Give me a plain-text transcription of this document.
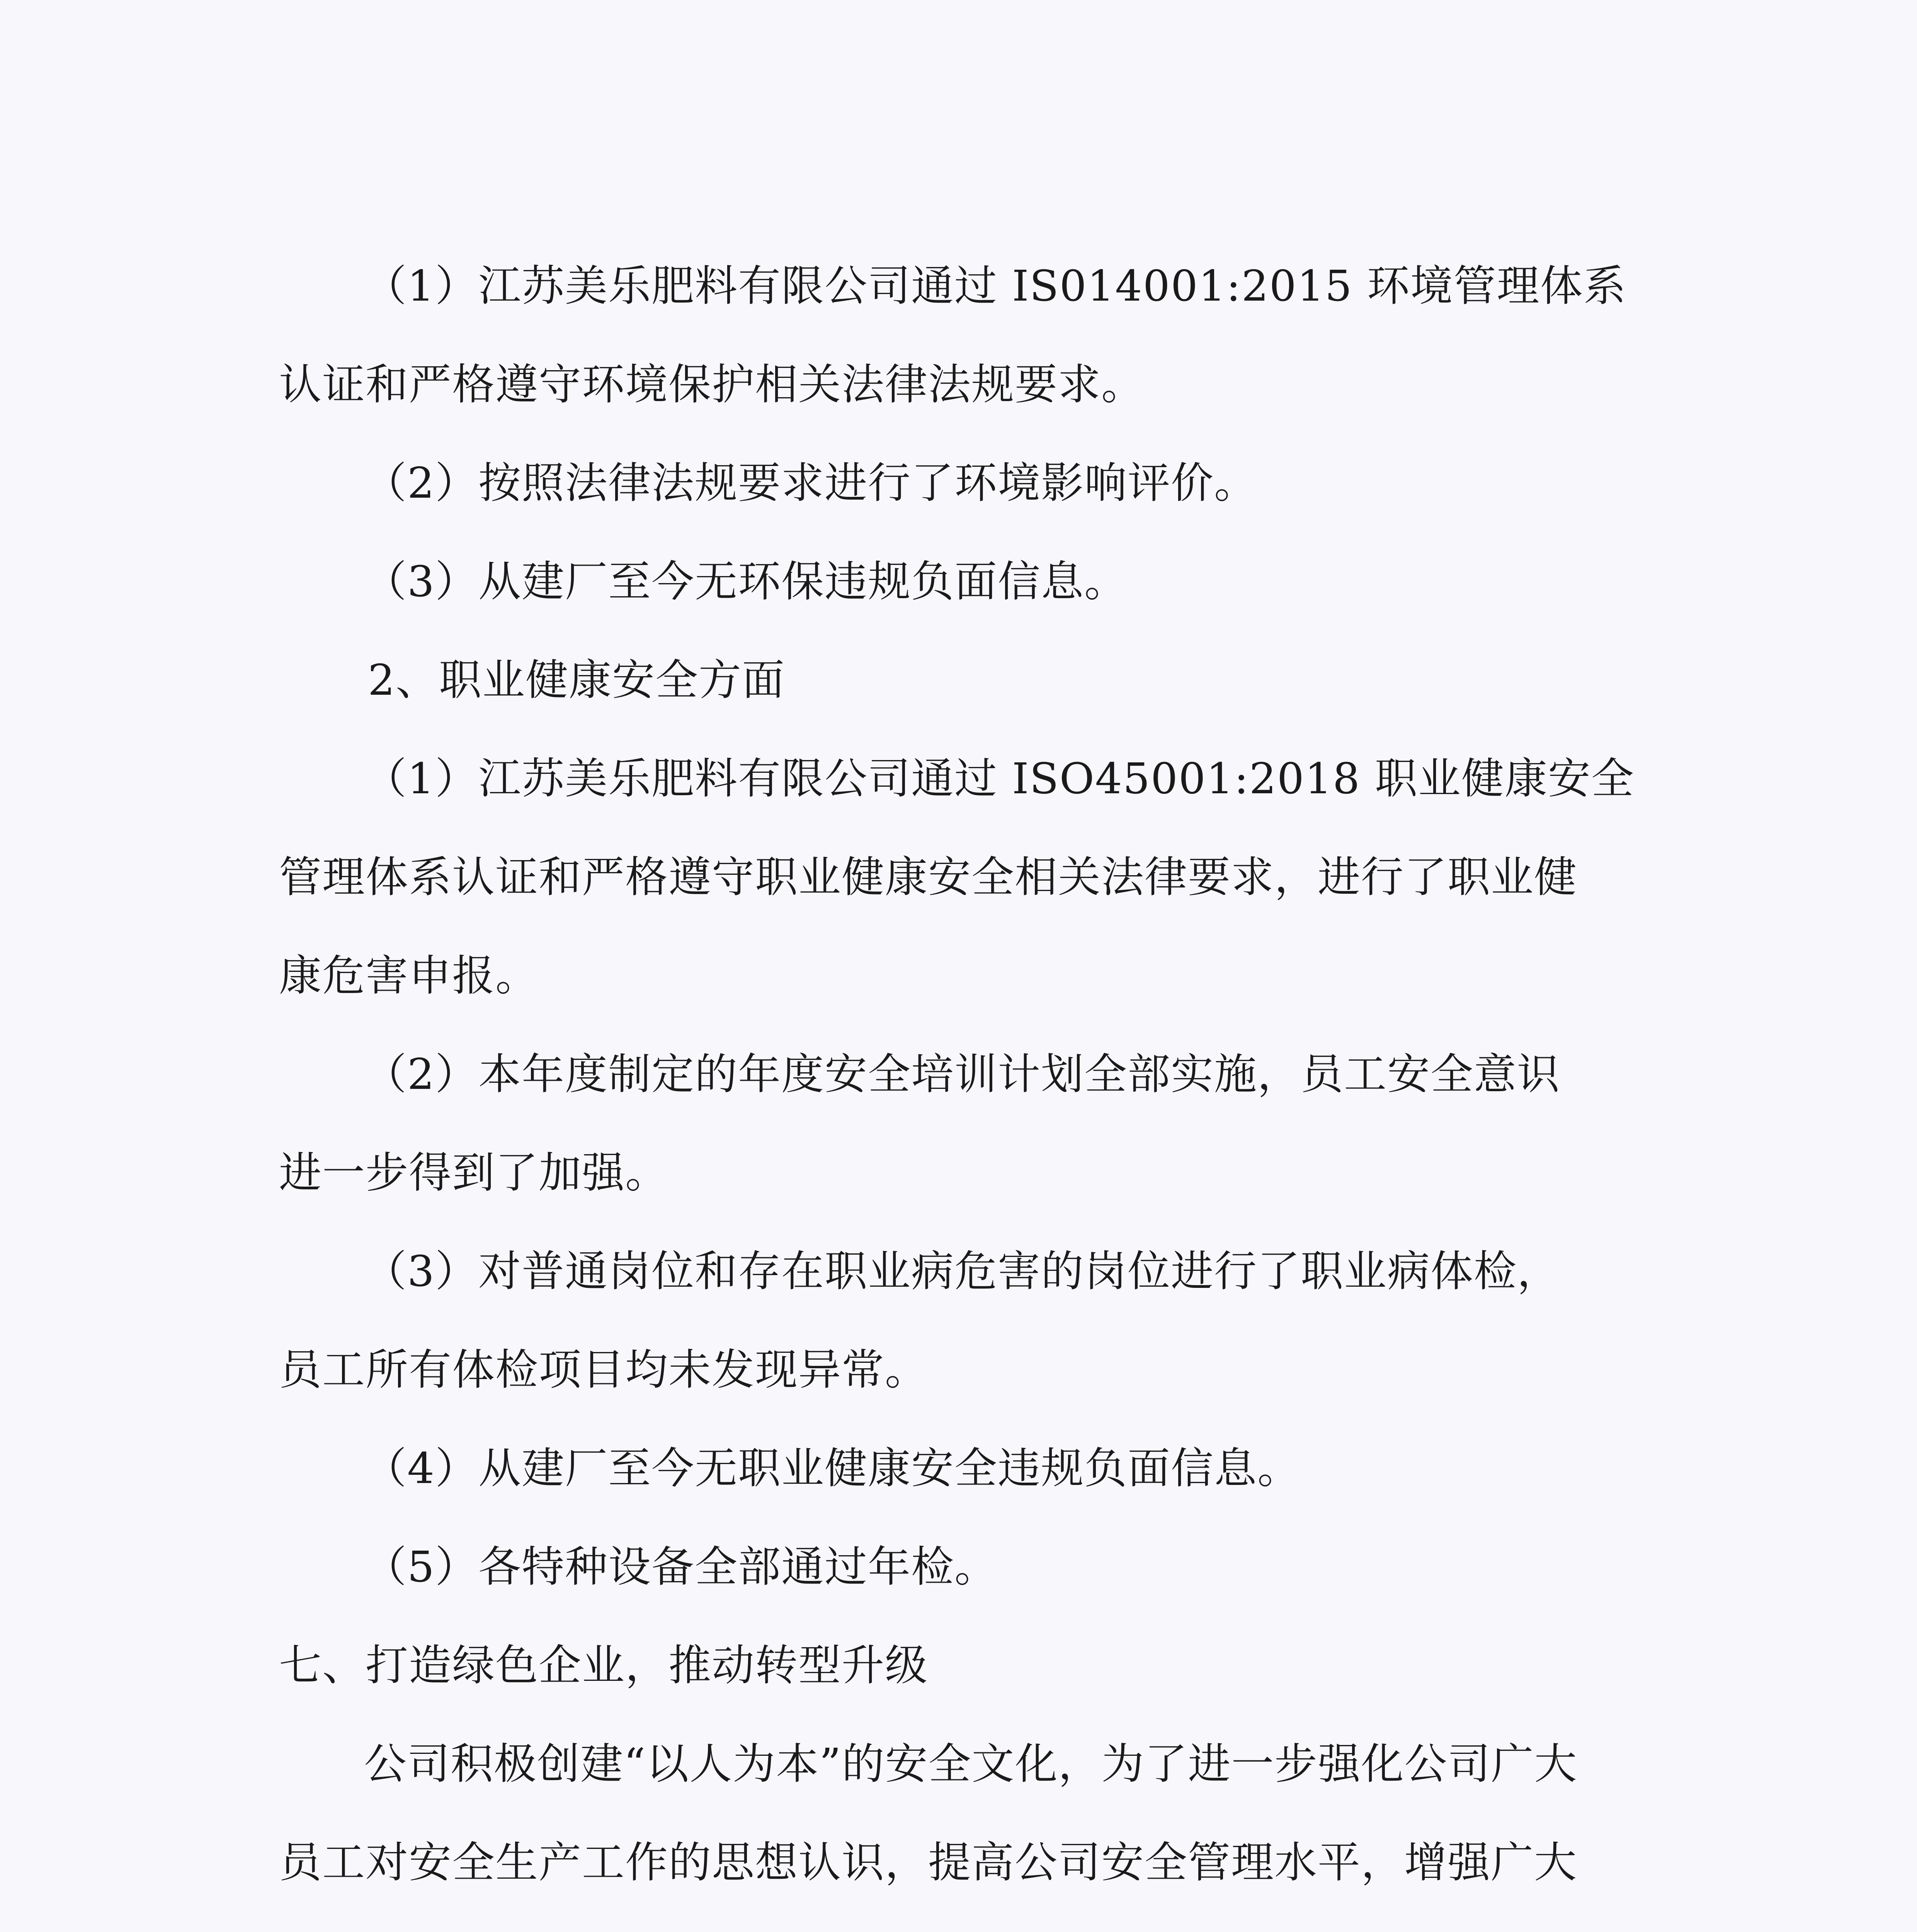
（1）江苏美乐肥料有限公司通过 IS014001:2015 环境管理体系
认证和严格遵守环境保护相关法律法规要求。
（2）按照法律法规要求进行了环境影响评价。
（3）从建厂至今无环保违规负面信息。
2、职业健康安全方面
（1）江苏美乐肥料有限公司通过 ISO45001:2018 职业健康安全
管理体系认证和严格遵守职业健康安全相关法律要求，进行了职业健
康危害申报。
（2）本年度制定的年度安全培训计划全部实施，员工安全意识
进一步得到了加强。
（3）对普通岗位和存在职业病危害的岗位进行了职业病体检，
员工所有体检项目均未发现异常。
（4）从建厂至今无职业健康安全违规负面信息。
（5）各特种设备全部通过年检。
七、打造绿色企业，推动转型升级
公司积极创建“以人为本”的安全文化，为了进一步强化公司广大
员工对安全生产工作的思想认识，提高公司安全管理水平，增强广大
